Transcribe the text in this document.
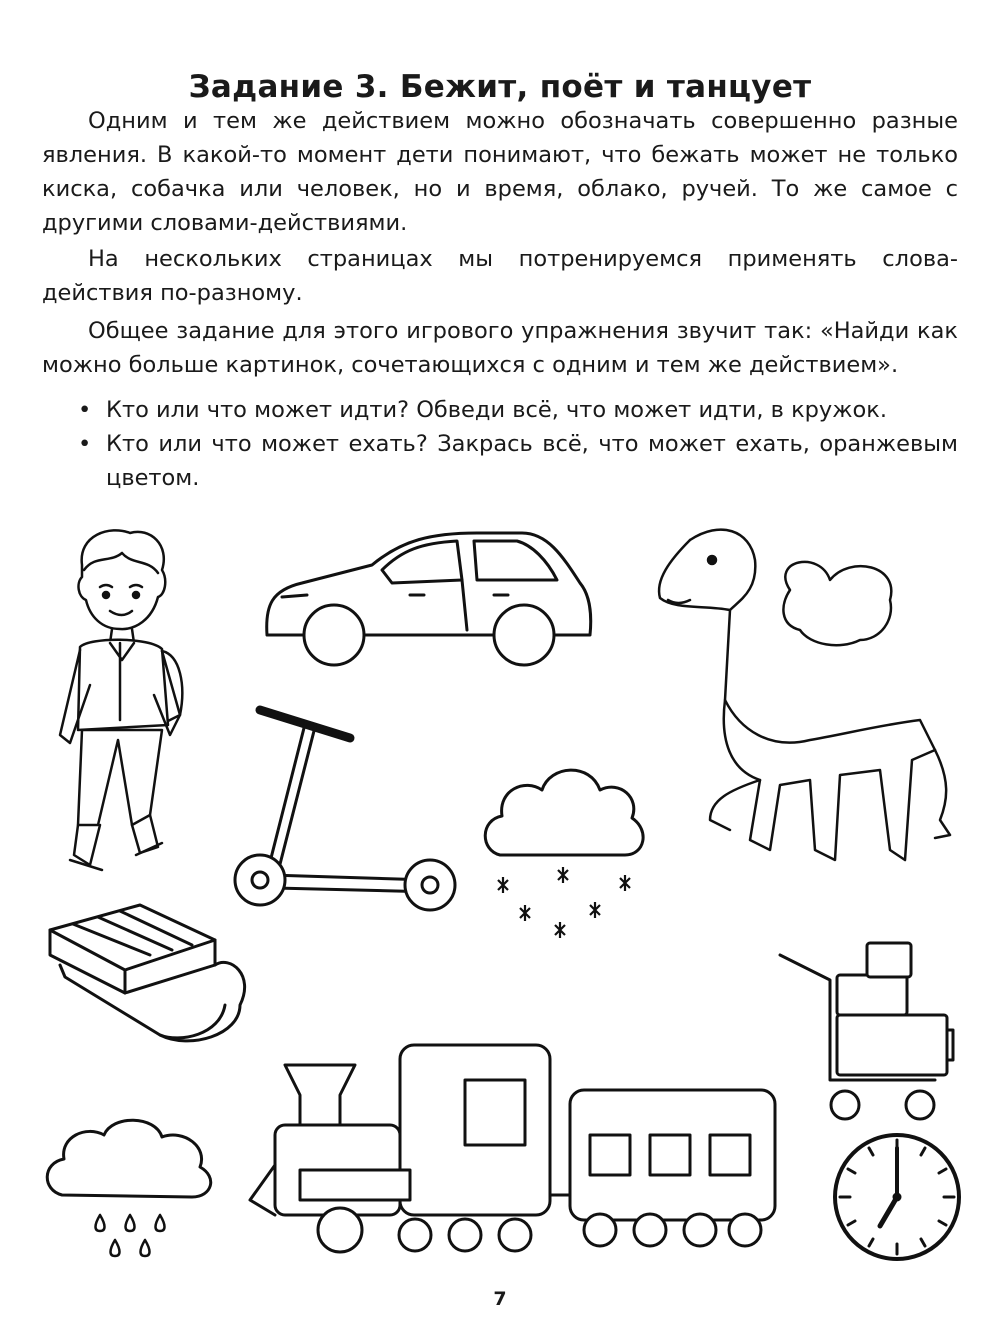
Задание 3. Бежит, поёт и танцует

Одним и тем же действием можно обозначать совершенно разные явления. В какой-то момент дети понимают, что бежать может не только киска, собачка или человек, но и время, облако, ручей. То же самое с другими словами-действиями.

На нескольких страницах мы потренируемся применять слова-действия по-разному.

Общее задание для этого игрового упражнения звучит так: «Найди как можно больше картинок, сочетающихся с одним и тем же действием».

• Кто или что может идти? Обведи всё, что может идти, в кружок.
• Кто или что может ехать? Закрась всё, что может ехать, оранжевым цветом.
7
